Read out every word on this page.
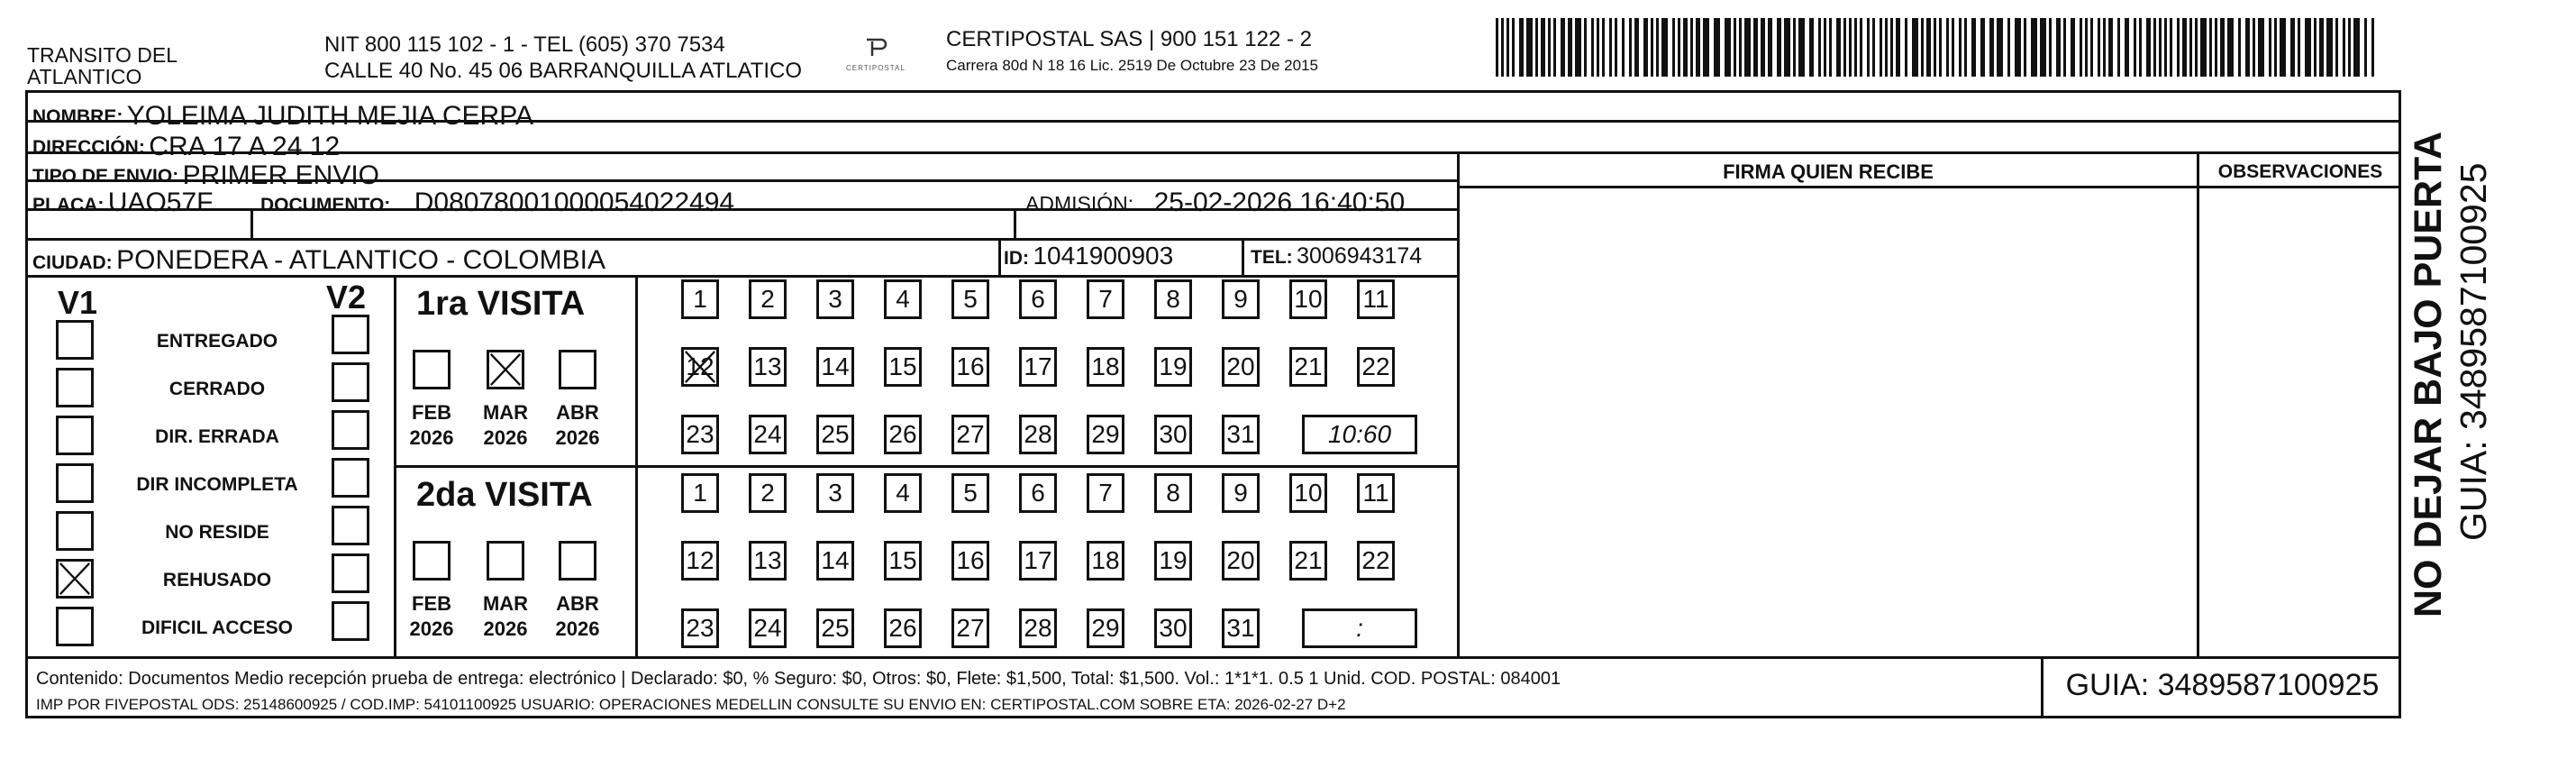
TRANSITO DEL
ATLANTICO
NIT 800 115 102 - 1 - TEL (605) 370 7534
CALLE 40 No. 45 06 BARRANQUILLA ATLATICO	CERTIPOSTAL
CERTIPOSTAL SAS | 900 151 122 - 2
Carrera 80d N 18 16 Lic. 2519 De Octubre 23 De 2015
NOMBRE: YOLEIMA JUDITH MEJIA CERPA
DIRECCIÓN: CRA 17 A 24 12
TIPO DE ENVIO: PRIMER ENVIO
PLACA: UAO57F	DOCUMENTO: D08078001000054022494	ADMISIÓN: 25-02-2026 16:40:50
CIUDAD: PONEDERA - ATLANTICO - COLOMBIA	ID: 1041900903	TEL: 3006943174
FIRMA QUIEN RECIBE	OBSERVACIONES
V1	V2 1ra VISITA
2da VISITA
Contenido: Documentos Medio recepción prueba de entrega: electrónico | Declarado: $0, % Seguro: $0, Otros: $0, Flete: $1,500, Total: $1,500. Vol.: 1*1*1. 0.5 1 Unid. COD. POSTAL: 084001
IMP POR FIVEPOSTAL ODS: 25148600925 / COD.IMP: 54101100925 USUARIO: OPERACIONES MEDELLIN CONSULTE SU ENVIO EN: CERTIPOSTAL.COM SOBRE ETA: 2026-02-27 D+2
GUIA: 3489587100925
NO DEJAR BAJO PUERTA GUIA: 3489587100925
ENTREGADO
CERRADO
DIR. ERRADA
DIR INCOMPLETA
NO RESIDE
REHUSADO
DIFICIL ACCESO
FEB
2026
MAR
2026
ABR
2026
FEB
2026
MAR
2026
ABR
2026
1	2	3	4	5	6	7	8	9	10 11
12 13 14 15 16 17 18 19 20 21 22
23 24 25 26 27 28 29 30 31	10:60
1	2	3	4	5	6	7	8	9	10 11
12 13 14 15 16 17 18 19 20 21 22
23 24 25 26 27 28 29 30 31	:
